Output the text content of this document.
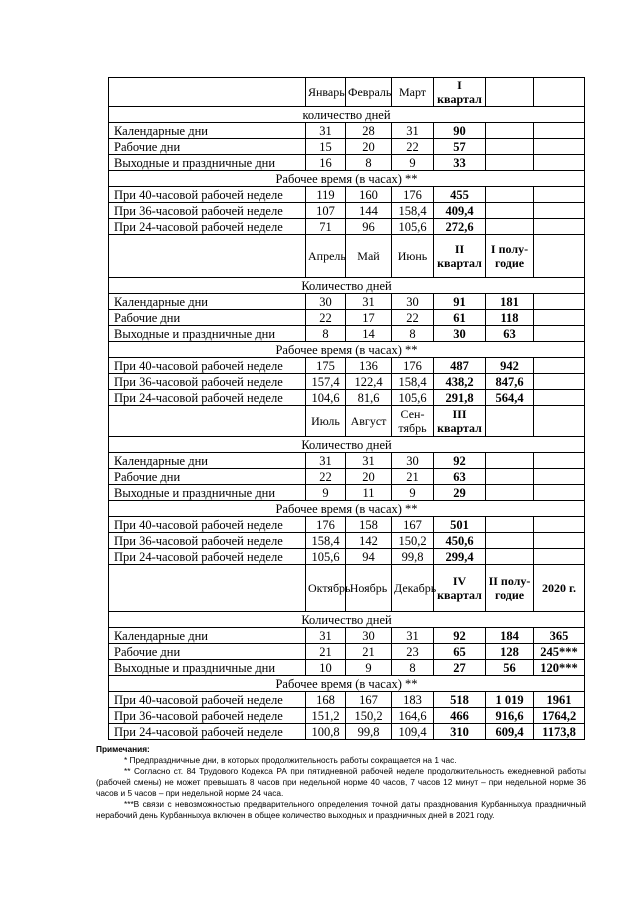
	Январь	Февраль	Март	I квартал		
количество дней						
Календарные дни	31	28	31	90		
Рабочие дни	15	20	22	57		
Выходные и праздничные дни	16	8	9	33		
Рабочее время (в часах) **						
При 40-часовой рабочей неделе	119	160	176	455		
При 36-часовой рабочей неделе	107	144	158,4	409,4		
При 24-часовой рабочей неделе	71	96	105,6	272,6		
	Апрель	Май	Июнь	II квартал	I полу-годие	
Количество дней						
Календарные дни	30	31	30	91	181	
Рабочие дни	22	17	22	61	118	
Выходные и праздничные дни	8	14	8	30	63	
Рабочее время (в часах) **						
При 40-часовой рабочей неделе	175	136	176	487	942	
При 36-часовой рабочей неделе	157,4	122,4	158,4	438,2	847,6	
При 24-часовой рабочей неделе	104,6	81,6	105,6	291,8	564,4	
	Июль	Август	Сен-тябрь	III квартал		
Количество дней						
Календарные дни	31	31	30	92		
Рабочие дни	22	20	21	63		
Выходные и праздничные дни	9	11	9	29		
Рабочее время (в часах) **						
При 40-часовой рабочей неделе	176	158	167	501		
При 36-часовой рабочей неделе	158,4	142	150,2	450,6		
При 24-часовой рабочей неделе	105,6	94	99,8	299,4		
	Октябрь	Ноябрь	Декабрь	IV квартал	II полу-годие	2020 г.
Количество дней						
Календарные дни	31	30	31	92	184	365
Рабочие дни	21	21	23	65	128	245***
Выходные и праздничные дни	10	9	8	27	56	120***
Рабочее время (в часах) **						
При 40-часовой рабочей неделе	168	167	183	518	1 019	1961
При 36-часовой рабочей неделе	151,2	150,2	164,6	466	916,6	1764,2
При 24-часовой рабочей неделе	100,8	99,8	109,4	310	609,4	1173,8
Примечания:

* Предпраздничные дни, в которых продолжительность работы сокращается на 1 час.

** Согласно ст. 84 Трудового Кодекса РА при пятидневной рабочей неделе продолжительность ежедневной работы (рабочей смены) не может превышать 8 часов при недельной норме 40 часов, 7 часов 12 минут – при недельной норме 36 часов и 5 часов – при недельной норме 24 часа.

***В связи с невозможностью предварительного определения точной даты празднования Курбанныхуа праздничный нерабочий день Курбанныхуа включен в общее количество выходных и праздничных дней в 2021 году.
